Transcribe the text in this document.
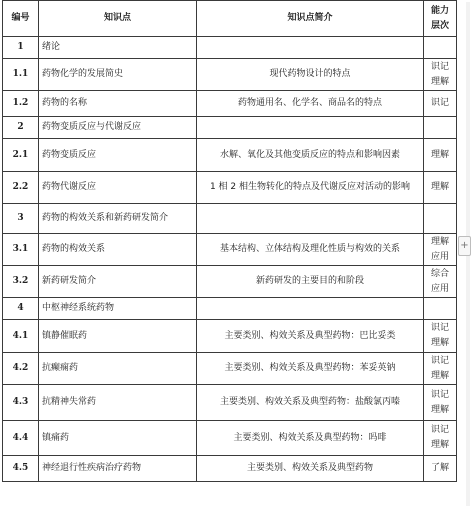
编号	知识点	知识点简介	能力层次
1	绪论		
1.1	药物化学的发展简史	现代药物设计的特点	识记 理解
1.2	药物的名称	药物通用名、化学名、商品名的特点	识记
2	药物变质反应与代谢反应		
2.1	药物变质反应	水解、氧化及其他变质反应的特点和影响因素	理解
2.2	药物代谢反应	1 相 2 相生物转化的特点及代谢反应对活动的影响	理解
3	药物的构效关系和新药研发简介		
3.1	药物的构效关系	基本结构、立体结构及理化性质与构效的关系	理解 应用
3.2	新药研发简介	新药研发的主要目的和阶段	综合 应用
4	中枢神经系统药物		
4.1	镇静催眠药	主要类别、构效关系及典型药物：巴比妥类	识记 理解
4.2	抗癫痫药	主要类别、构效关系及典型药物：苯妥英钠	识记 理解
4.3	抗精神失常药	主要类别、构效关系及典型药物：盐酸氯丙嗪	识记 理解
4.4	镇痛药	主要类别、构效关系及典型药物：吗啡	识记 理解
4.5	神经退行性疾病治疗药物	主要类别、构效关系及典型药物	了解
+
